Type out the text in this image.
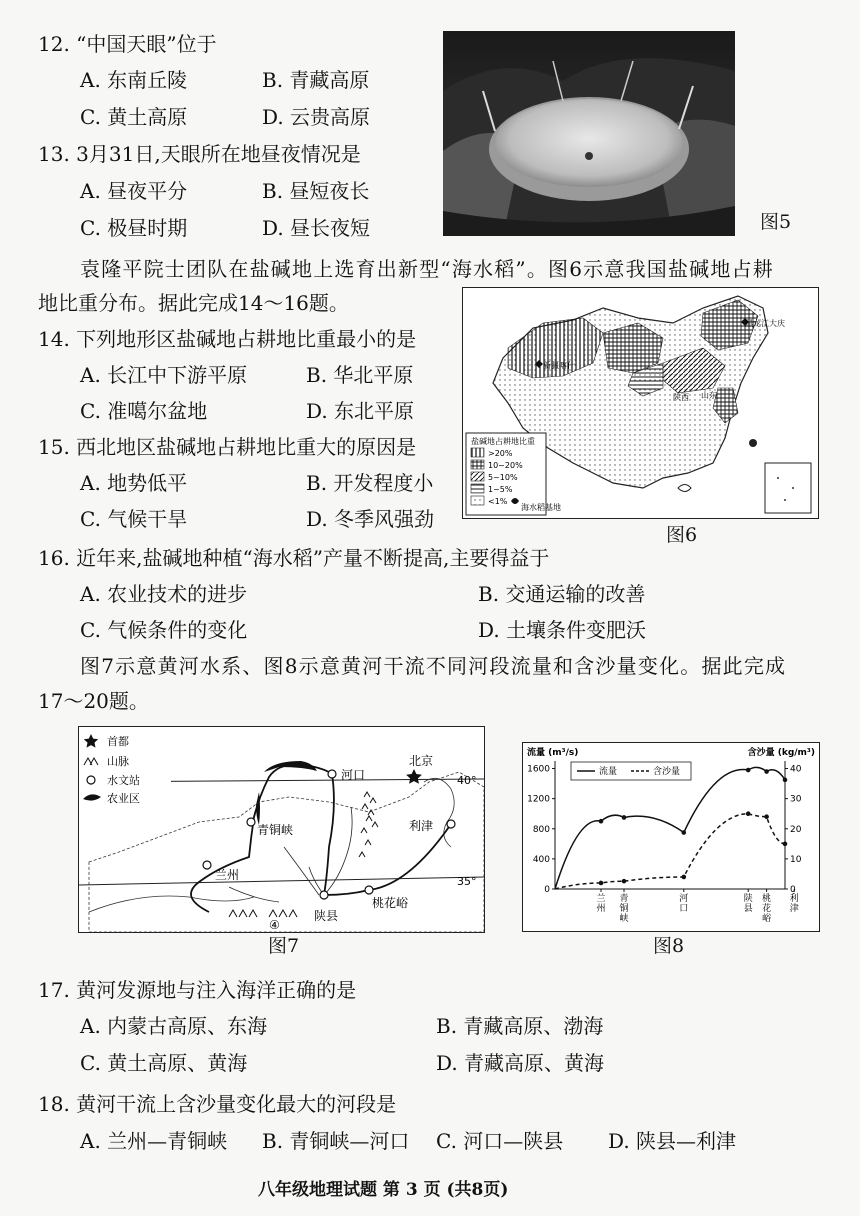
12. “中国天眼”位于
A. 东南丘陵	B. 青藏高原
C. 黄土高原	D. 云贵高原
13. 3月31日,天眼所在地昼夜情况是
A. 昼夜平分	B. 昼短夜长
C. 极昼时期	D. 昼长夜短	图5
袁隆平院士团队在盐碱地上选育出新型“海水稻”。图6示意我国盐碱地占耕
地比重分布。据此完成14～16题。
14. 下列地形区盐碱地占耕地比重最小的是
A. 长江中下游平原	B. 华北平原
C. 准噶尔盆地	D. 东北平原
15. 西北地区盐碱地占耕地比重大的原因是
A. 地势低平	B. 开发程度小
C. 气候干旱	D. 冬季风强劲
黑龙江大庆
新疆喀什
陕西 山东
盐碱地占耕地比重
>20%
10~20%
5~10%
1~5%
<1%
海水稻基地
图6
16. 近年来,盐碱地种植“海水稻”产量不断提高,主要得益于
A. 农业技术的进步	B. 交通运输的改善
C. 气候条件的变化	D. 土壤条件变肥沃
图7示意黄河水系、图8示意黄河干流不同河段流量和含沙量变化。据此完成
17～20题。
40°
35°
河口
北京
青铜峡	利津
兰州
陕县
桃花峪
④
首都
山脉
水文站
农业区
图7
流量 (m³/s)	含沙量 (kg/m³)
0
400
800
1200
1600
0
10
20
30
40
兰州
青铜峡
河口
陕县
桃花峪
利津
流量	含沙量
图8
17. 黄河发源地与注入海洋正确的是
A. 内蒙古高原、东海	B. 青藏高原、渤海
C. 黄土高原、黄海	D. 青藏高原、黄海
18. 黄河干流上含沙量变化最大的河段是
A. 兰州—青铜峡 B. 青铜峡—河口 C. 河口—陕县 D. 陕县—利津
八年级地理试题 第 3 页 (共8页)
